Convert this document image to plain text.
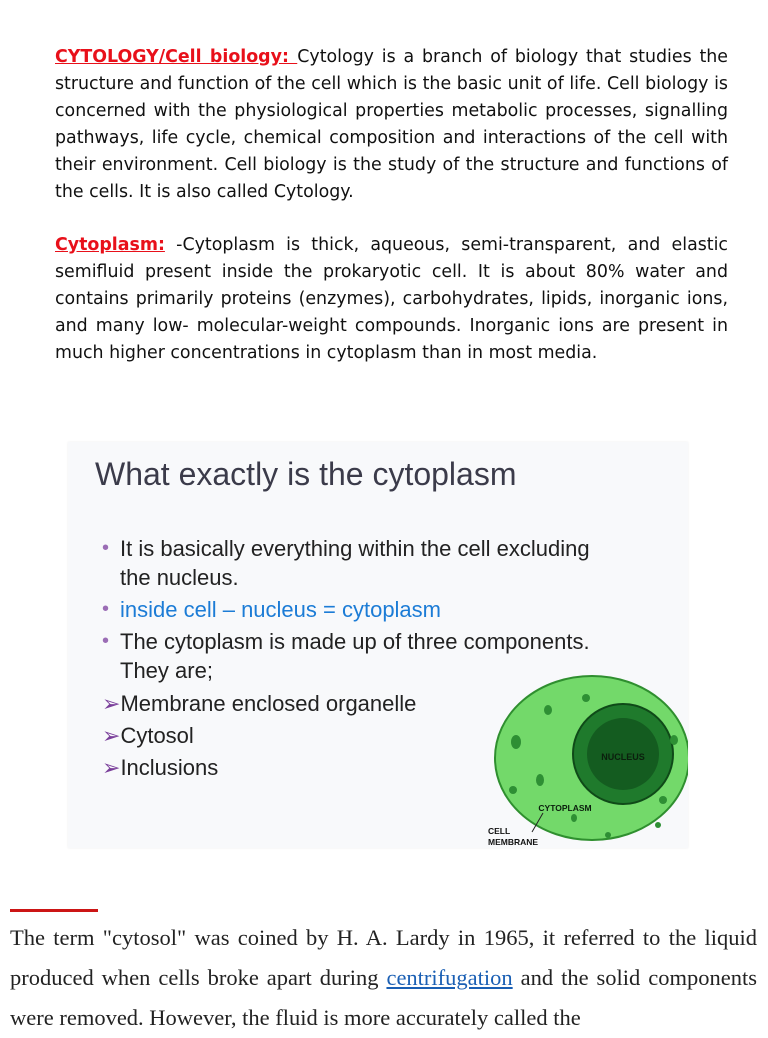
CYTOLOGY/Cell biology: Cytology is a branch of biology that studies the structure and function of the cell which is the basic unit of life. Cell biology is concerned with the physiological properties metabolic processes, signalling pathways, life cycle, chemical composition and interactions of the cell with their environment. Cell biology is the study of the structure and functions of the cells. It is also called Cytology.

Cytoplasm: -Cytoplasm is thick, aqueous, semi-transparent, and elastic semifluid present inside the prokaryotic cell. It is about 80% water and contains primarily proteins (enzymes), carbohydrates, lipids, inorganic ions, and many low- molecular-weight compounds. Inorganic ions are present in much higher concentrations in cytoplasm than in most media.

What exactly is the cytoplasm
• It is basically everything within the cell excluding
the nucleus.
• inside cell – nucleus = cytoplasm
• The cytoplasm is made up of three components.
They are;
➢Membrane enclosed organelle
➢Cytosol
➢Inclusions	NUCLEUS
CYTOPLASM
CELL
MEMBRANE

The term "cytosol" was coined by H. A. Lardy in 1965, it referred to the liquid produced when cells broke apart during centrifugation and the solid components were removed. However, the fluid is more accurately called the
